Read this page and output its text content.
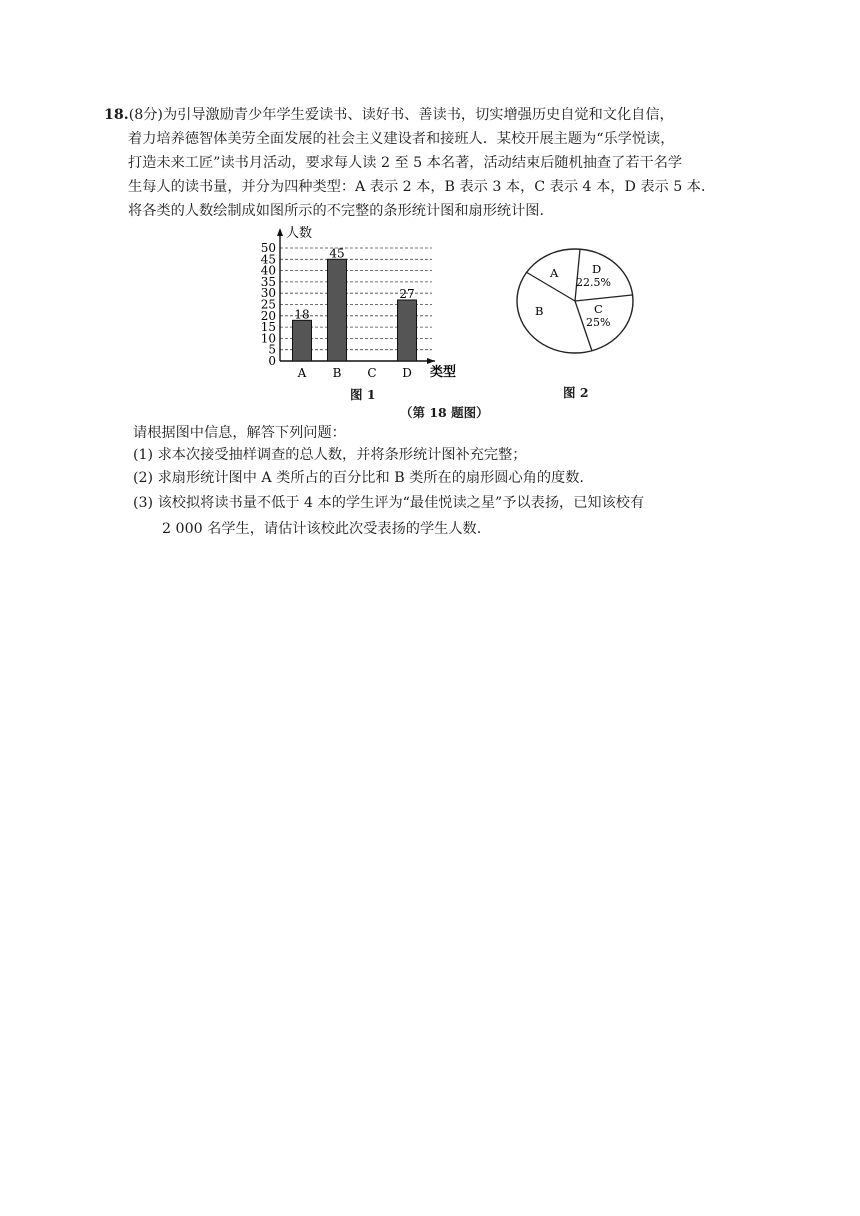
18.(8分)为引导激励青少年学生爱读书、读好书、善读书，切实增强历史自觉和文化自信，
着力培养德智体美劳全面发展的社会主义建设者和接班人．某校开展主题为“乐学悦读，
打造未来工匠”读书月活动，要求每人读 2 至 5 本名著，活动结束后随机抽查了若干名学
生每人的读书量，并分为四种类型：A 表示 2 本，B 表示 3 本，C 表示 4 本，D 表示 5 本．
将各类的人数绘制成如图所示的不完整的条形统计图和扇形统计图.
0
5
10
15
20
25
30
35
40
45
50
18
45
27
A B C D
人数
类型
A	D
22.5%
C
25%
B
图 1	图 2
（第 18 题图）
请根据图中信息，解答下列问题：
(1) 求本次接受抽样调查的总人数，并将条形统计图补充完整；
(2) 求扇形统计图中 A 类所占的百分比和 B 类所在的扇形圆心角的度数.
(3) 该校拟将读书量不低于 4 本的学生评为“最佳悦读之星”予以表扬，已知该校有
2 000 名学生，请估计该校此次受表扬的学生人数.
